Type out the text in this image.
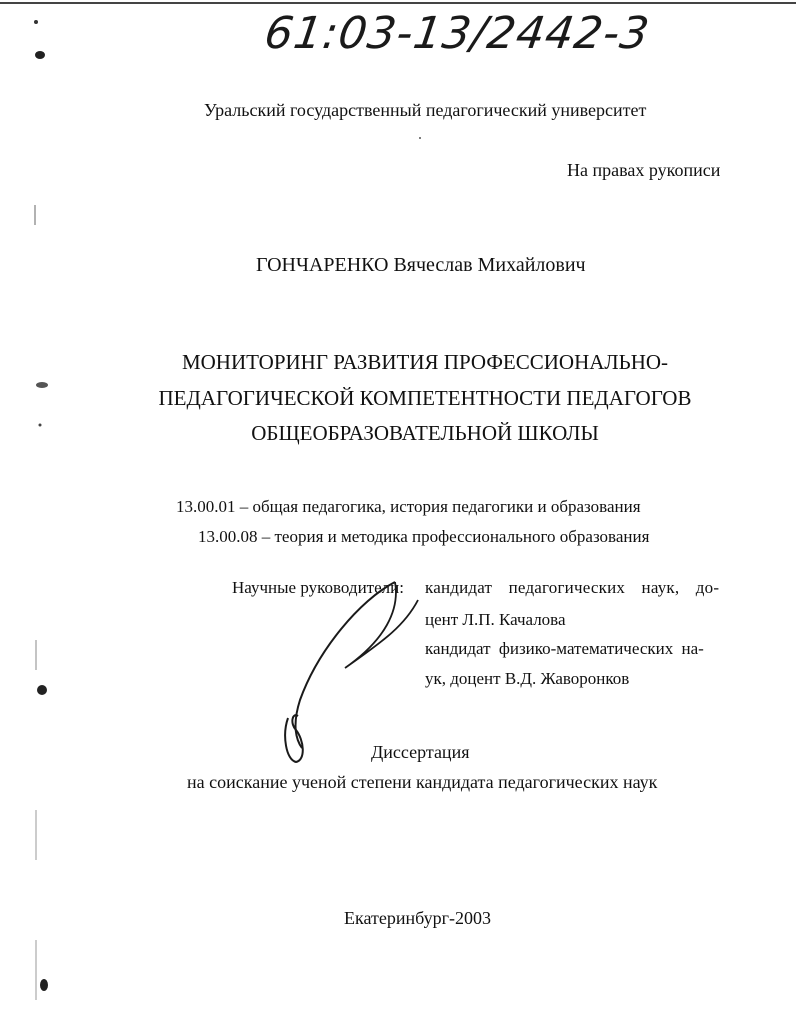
61:03-13/2442-3
Уральский государственный педагогический университет
На правах рукописи
ГОНЧАРЕНКО Вячеслав Михайлович
МОНИТОРИНГ РАЗВИТИЯ ПРОФЕССИОНАЛЬНО-
ПЕДАГОГИЧЕСКОЙ КОМПЕТЕНТНОСТИ ПЕДАГОГОВ
ОБЩЕОБРАЗОВАТЕЛЬНОЙ ШКОЛЫ
13.00.01 – общая педагогика, история педагогики и образования
13.00.08 – теория и методика профессионального образования
Научные руководители: кандидат педагогических наук, до-
цент Л.П. Качалова
кандидат физико-математических на-
ук, доцент В.Д. Жаворонков
Диссертация
на соискание ученой степени кандидата педагогических наук
Екатеринбург-2003
